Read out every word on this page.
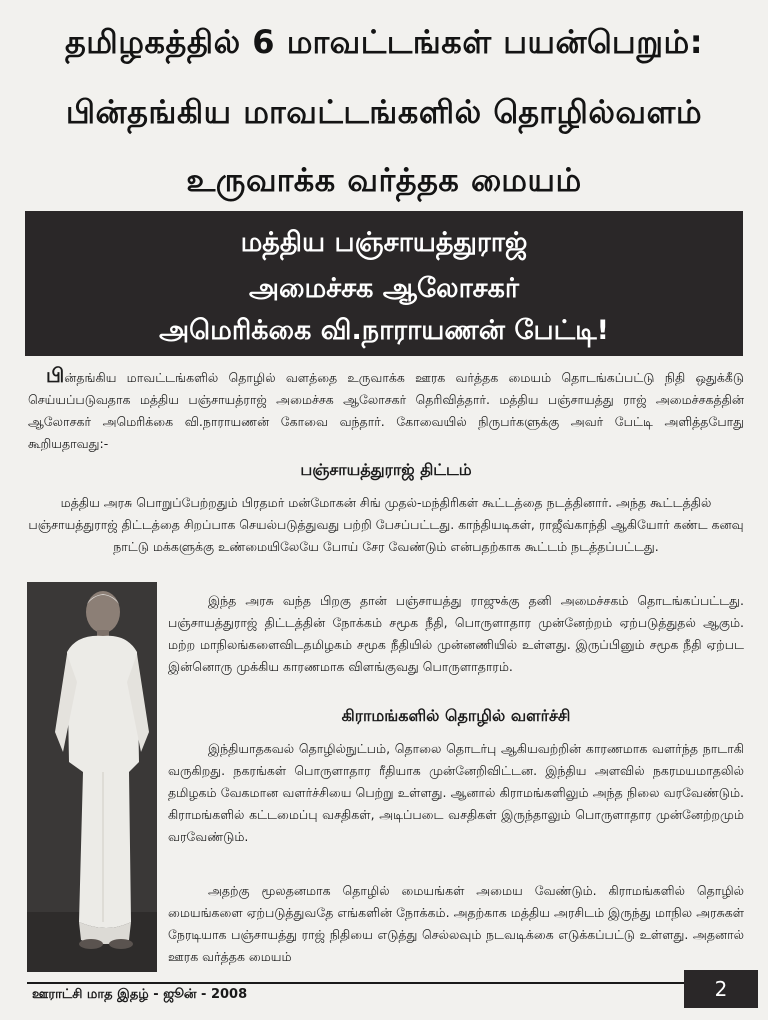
தமிழகத்தில் 6 மாவட்டங்கள் பயன்பெறும்:
பின்தங்கிய மாவட்டங்களில் தொழில்வளம்
உருவாக்க வர்த்தக மையம்
மத்திய பஞ்சாயத்துராஜ்
அமைச்சக ஆலோசகர்
அமெரிக்கை வி.நாராயணன் பேட்டி!
பின்தங்கிய மாவட்டங்களில் தொழில் வளத்தை உருவாக்க ஊரக வர்த்தக மையம் தொடங்கப்பட்டு நிதி ஒதுக்கீடு செய்யப்படுவதாக மத்திய பஞ்சாயத்ராஜ் அமைச்சக ஆலோசகர் தெரிவித்தார். மத்திய பஞ்சாயத்து ராஜ் அமைச்சகத்தின் ஆலோசகர் அமெரிக்கை வி.நாராயணன் கோவை வந்தார். கோவையில் நிருபர்களுக்கு அவர் பேட்டி அளித்தபோது கூறியதாவது:-
பஞ்சாயத்துராஜ் திட்டம்
மத்திய அரசு பொறுப்பேற்றதும் பிரதமர் மன்மோகன் சிங் முதல்-மந்திரிகள் கூட்டத்தை நடத்தினார். அந்த கூட்டத்தில் பஞ்சாயத்துராஜ் திட்டத்தை சிறப்பாக செயல்படுத்துவது பற்றி பேசப்பட்டது. காந்தியடிகள், ராஜீவ்காந்தி ஆகியோர் கண்ட கனவு நாட்டு மக்களுக்கு உண்மையிலேயே போய் சேர வேண்டும் என்பதற்காக கூட்டம் நடத்தப்பட்டது.
இந்த அரசு வந்த பிறகு தான் பஞ்சாயத்து ராஜுக்கு தனி அமைச்சகம் தொடங்கப்பட்டது. பஞ்சாயத்துராஜ் திட்டத்தின் நோக்கம் சமூக நீதி, பொருளாதார முன்னேற்றம் ஏற்படுத்துதல் ஆகும். மற்ற மாநிலங்களைவிடதமிழகம் சமூக நீதியில் முன்னணியில் உள்ளது. இருப்பினும் சமூக நீதி ஏற்பட இன்னொரு முக்கிய காரணமாக விளங்குவது பொருளாதாரம்.
கிராமங்களில் தொழில் வளர்ச்சி
இந்தியாதகவல் தொழில்நுட்பம், தொலை தொடர்பு ஆகியவற்றின் காரணமாக வளர்ந்த நாடாகி வருகிறது. நகரங்கள் பொருளாதார ரீதியாக முன்னேறிவிட்டன. இந்திய அளவில் நகரமயமாதலில் தமிழகம் வேகமான வளர்ச்சியை பெற்று உள்ளது. ஆனால் கிராமங்களிலும் அந்த நிலை வரவேண்டும். கிராமங்களில் கட்டமைப்பு வசதிகள், அடிப்படை வசதிகள் இருந்தாலும் பொருளாதார முன்னேற்றமும் வரவேண்டும்.
அதற்கு மூலதனமாக தொழில் மையங்கள் அமைய வேண்டும். கிராமங்களில் தொழில் மையங்களை ஏற்படுத்துவதே எங்களின் நோக்கம். அதற்காக மத்திய அரசிடம் இருந்து மாநில அரசுகள் நேரடியாக பஞ்சாயத்து ராஜ் நிதியை எடுத்து செல்லவும் நடவடிக்கை எடுக்கப்பட்டு உள்ளது. அதனால் ஊரக வர்த்தக மையம்
ஊராட்சி மாத இதழ் - ஜூன் - 2008	2
